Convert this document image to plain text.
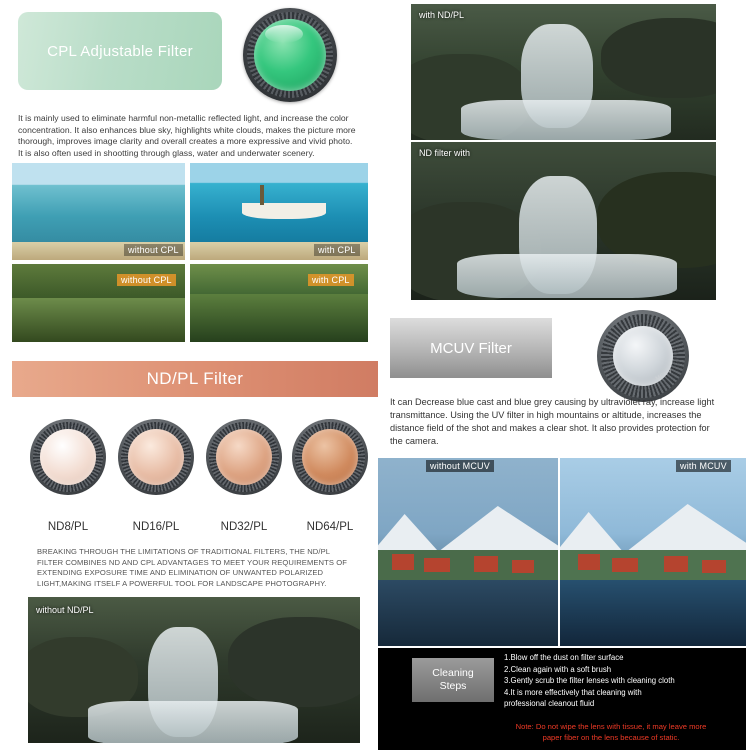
CPL Adjustable Filter
It is mainly used to eliminate harmful non-metallic reflected light, and increase the color concentration. It also enhances blue sky, highlights white clouds, makes the picture more thorough, improves image clarity and overall creates a more expressive and vivid photo. It is also often used in shootting through glass, water and underwater scenery.
without CPL	with CPL
without CPL	with CPL
ND/PL Filter
ND8/PL	ND16/PL	ND32/PL	ND64/PL
BREAKING THROUGH THE LIMITATIONS OF TRADITIONAL FILTERS, THE ND/PL FILTER COMBINES ND AND CPL ADVANTAGES TO MEET YOUR REQUIREMENTS OF EXTENDING EXPOSURE TIME AND ELIMINATION OF UNWANTED POLARIZED LIGHT,MAKING ITSELF A POWERFUL TOOL FOR LANDSCAPE PHOTOGRAPHY.
without ND/PL
with ND/PL
ND filter with
MCUV Filter
MCUV
It can Decrease blue cast and blue grey causing by ultraviolet ray, increase light transmittance. Using the UV filter in high mountains or altitude, increases the distance field of the shot and makes a clear shot. It also provides protection for the camera.
without MCUV	with MCUV
Cleaning
Steps
1.Blow off the dust on filter surface
2.Clean again with a soft brush
3.Gently scrub the filter lenses with cleaning cloth
4.It is more effectively that cleaning with
professional cleanout fluid
Note: Do not wipe the lens with tissue, it may leave more
paper fiber on the lens because of static.
